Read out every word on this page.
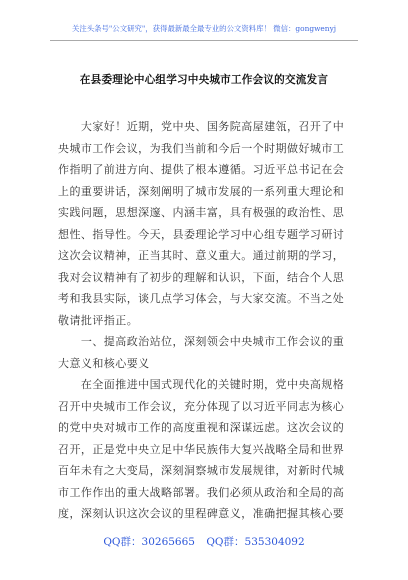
关注头条号"公文研究"，获得最新最全最专业的公文资料库！ 微信：gongwenyj
在县委理论中心组学习中央城市工作会议的交流发言
　　大家好！近期，党中央、国务院高屋建瓴，召开了中
央城市工作会议，为我们当前和今后一个时期做好城市工
作指明了前进方向、提供了根本遵循。习近平总书记在会
上的重要讲话，深刻阐明了城市发展的一系列重大理论和
实践问题，思想深邃、内涵丰富，具有极强的政治性、思
想性、指导性。今天，县委理论学习中心组专题学习研讨
这次会议精神，正当其时、意义重大。通过前期的学习，
我对会议精神有了初步的理解和认识，下面，结合个人思
考和我县实际，谈几点学习体会，与大家交流。不当之处
敬请批评指正。
　　一、提高政治站位，深刻领会中央城市工作会议的重
大意义和核心要义
　　在全面推进中国式现代化的关键时期，党中央高规格
召开中央城市工作会议，充分体现了以习近平同志为核心
的党中央对城市工作的高度重视和深谋远虑。这次会议的
召开，正是党中央立足中华民族伟大复兴战略全局和世界
百年未有之大变局，深刻洞察城市发展规律，对新时代城
市工作作出的重大战略部署。我们必须从政治和全局的高
度，深刻认识这次会议的里程碑意义，准确把握其核心要
QQ群：30265665 QQ群：535304092
